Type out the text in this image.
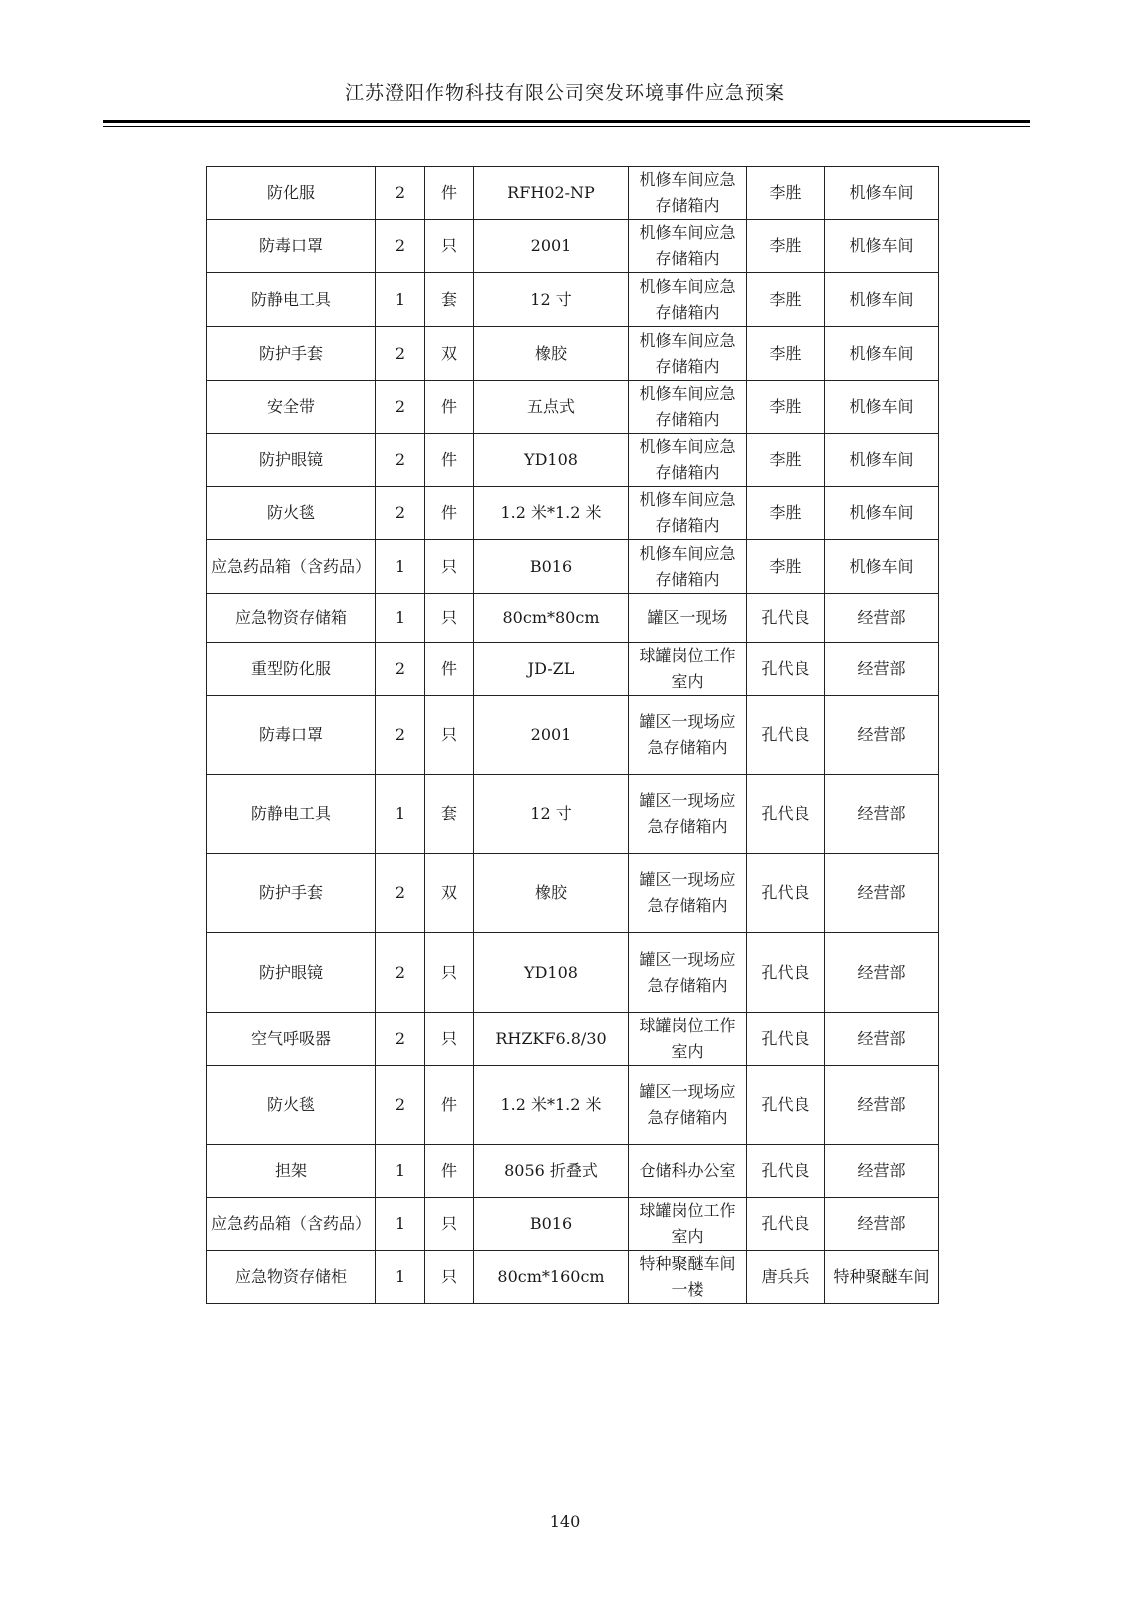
江苏澄阳作物科技有限公司突发环境事件应急预案
防化服	2	件	RFH02-NP	机修车间应急存储箱内	李胜	机修车间
防毒口罩	2	只	2001	机修车间应急存储箱内	李胜	机修车间
防静电工具	1	套	12 寸	机修车间应急存储箱内	李胜	机修车间
防护手套	2	双	橡胶	机修车间应急存储箱内	李胜	机修车间
安全带	2	件	五点式	机修车间应急存储箱内	李胜	机修车间
防护眼镜	2	件	YD108	机修车间应急存储箱内	李胜	机修车间
防火毯	2	件	1.2 米*1.2 米	机修车间应急存储箱内	李胜	机修车间
应急药品箱（含药品）	1	只	B016	机修车间应急存储箱内	李胜	机修车间
应急物资存储箱	1	只	80cm*80cm	罐区一现场	孔代良	经营部
重型防化服	2	件	JD-ZL	球罐岗位工作室内	孔代良	经营部
防毒口罩	2	只	2001	罐区一现场应急存储箱内	孔代良	经营部
防静电工具	1	套	12 寸	罐区一现场应急存储箱内	孔代良	经营部
防护手套	2	双	橡胶	罐区一现场应急存储箱内	孔代良	经营部
防护眼镜	2	只	YD108	罐区一现场应急存储箱内	孔代良	经营部
空气呼吸器	2	只	RHZKF6.8/30	球罐岗位工作室内	孔代良	经营部
防火毯	2	件	1.2 米*1.2 米	罐区一现场应急存储箱内	孔代良	经营部
担架	1	件	8056 折叠式	仓储科办公室	孔代良	经营部
应急药品箱（含药品）	1	只	B016	球罐岗位工作室内	孔代良	经营部
应急物资存储柜	1	只	80cm*160cm	特种聚醚车间一楼	唐兵兵	特种聚醚车间
140
